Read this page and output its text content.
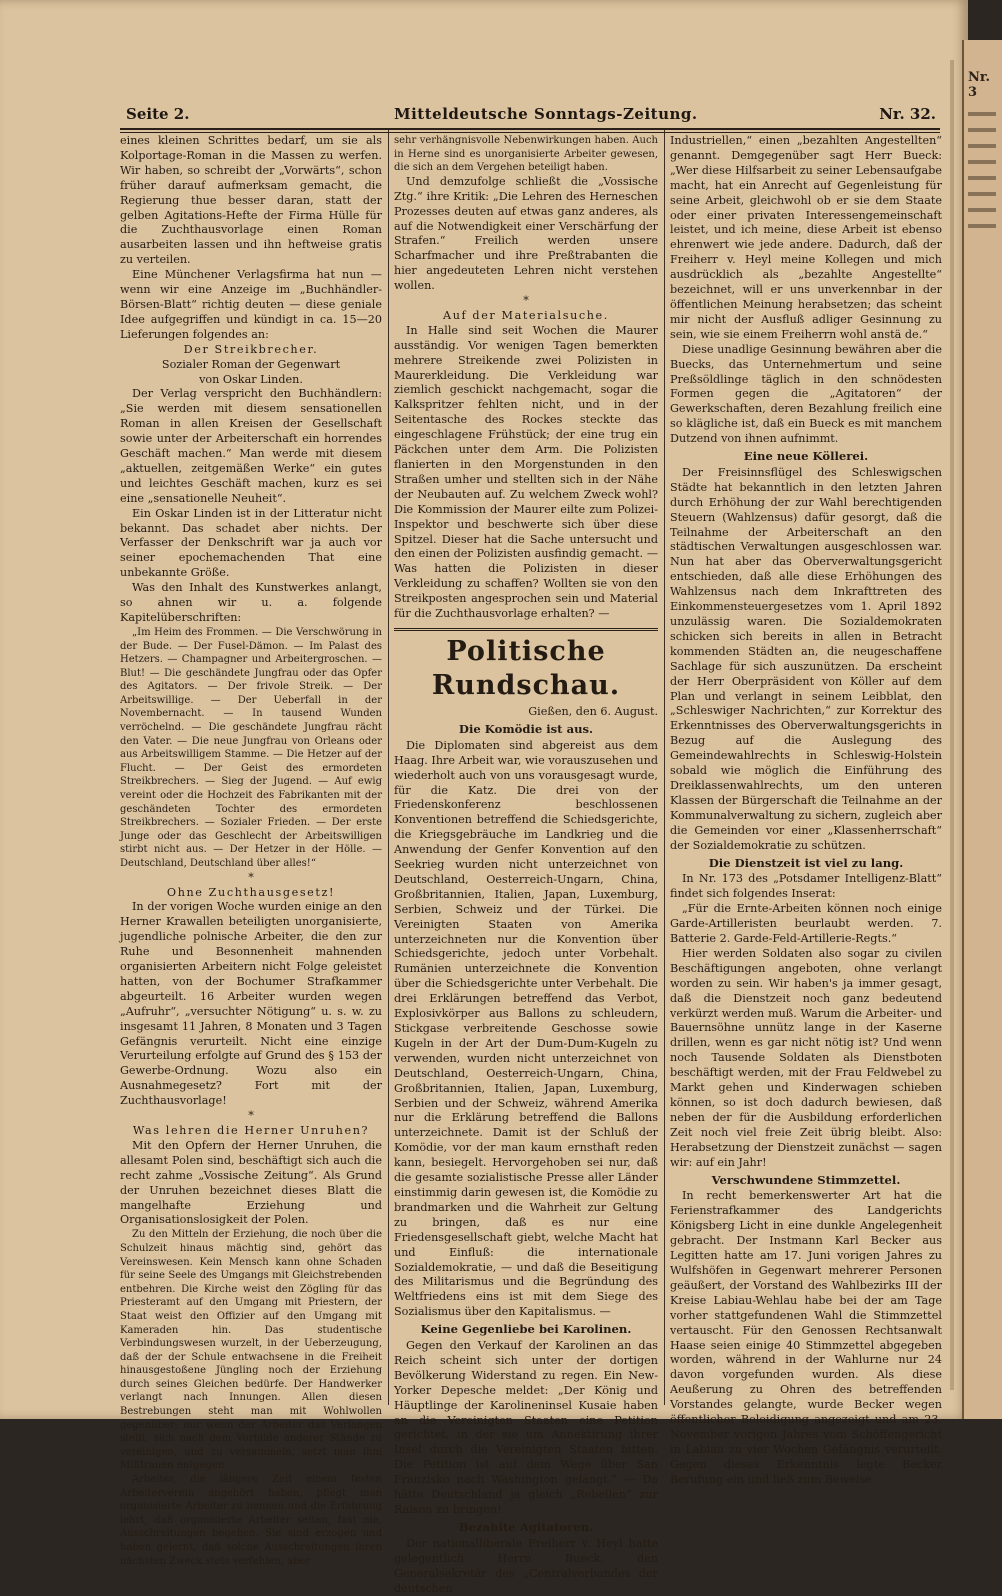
Seite 2.	Mitteldeutsche Sonntags-Zeitung.	Nr. 32.

eines kleinen Schrittes bedarf, um sie als Kolportage-Roman in die Massen zu werfen. Wir haben, so schreibt der „Vorwärts“, schon früher darauf aufmerksam gemacht, die Regierung thue besser daran, statt der gelben Agitations-Hefte der Firma Hülle für die Zuchthausvorlage einen Roman ausarbeiten lassen und ihn heftweise gratis zu verteilen.

Eine Münchener Verlagsfirma hat nun — wenn wir eine Anzeige im „Buchhändler-Börsen-Blatt“ richtig deuten — diese geniale Idee aufgegriffen und kündigt in ca. 15—20 Lieferungen folgendes an:

Der Streikbrecher.

Sozialer Roman der Gegenwart

von Oskar Linden.

Der Verlag verspricht den Buchhändlern: „Sie werden mit diesem sensationellen Roman in allen Kreisen der Gesellschaft sowie unter der Arbeiterschaft ein horrendes Geschäft machen.“ Man werde mit diesem „aktuellen, zeitgemäßen Werke“ ein gutes und leichtes Geschäft machen, kurz es sei eine „sensationelle Neuheit“.

Ein Oskar Linden ist in der Litteratur nicht bekannt. Das schadet aber nichts. Der Verfasser der Denkschrift war ja auch vor seiner epochemachenden That eine unbekannte Größe.

Was den Inhalt des Kunstwerkes anlangt, so ahnen wir u. a. folgende Kapitelüberschriften:

„Im Heim des Frommen. — Die Verschwörung in der Bude. — Der Fusel-Dämon. — Im Palast des Hetzers. — Champagner und Arbeitergroschen. — Blut! — Die geschändete Jungfrau oder das Opfer des Agitators. — Der frivole Streik. — Der Arbeitswillige. — Der Ueberfall in der Novembernacht. — In tausend Wunden verröchelnd. — Die geschändete Jungfrau rächt den Vater. — Die neue Jungfrau von Orleans oder aus Arbeitswilligem Stamme. — Die Hetzer auf der Flucht. — Der Geist des ermordeten Streikbrechers. — Sieg der Jugend. — Auf ewig vereint oder die Hochzeit des Fabrikanten mit der geschändeten Tochter des ermordeten Streikbrechers. — Sozialer Frieden. — Der erste Junge oder das Geschlecht der Arbeitswilligen stirbt nicht aus. — Der Hetzer in der Hölle. — Deutschland, Deutschland über alles!“

*

Ohne Zuchthausgesetz!

In der vorigen Woche wurden einige an den Herner Krawallen beteiligten unorganisierte, jugendliche polnische Arbeiter, die den zur Ruhe und Besonnenheit mahnenden organisierten Arbeitern nicht Folge geleistet hatten, von der Bochumer Strafkammer abgeurteilt. 16 Arbeiter wurden wegen „Aufruhr“, „versuchter Nötigung“ u. s. w. zu insgesamt 11 Jahren, 8 Monaten und 3 Tagen Gefängnis verurteilt. Nicht eine einzige Verurteilung erfolgte auf Grund des § 153 der Gewerbe-Ordnung. Wozu also ein Ausnahmegesetz? Fort mit der Zuchthausvorlage!

*

Was lehren die Herner Unruhen?

Mit den Opfern der Herner Unruhen, die allesamt Polen sind, beschäftigt sich auch die recht zahme „Vossische Zeitung“. Als Grund der Unruhen bezeichnet dieses Blatt die mangelhafte Erziehung und Organisationslosigkeit der Polen.

Zu den Mitteln der Erziehung, die noch über die Schulzeit hinaus mächtig sind, gehört das Vereinswesen. Kein Mensch kann ohne Schaden für seine Seele des Umgangs mit Gleichstrebenden entbehren. Die Kirche weist den Zögling für das Priesteramt auf den Umgang mit Priestern, der Staat weist den Offizier auf den Umgang mit Kameraden hin. Das studentische Verbindungswesen wurzelt, in der Ueberzeugung, daß der der Schule entwachsene in die Freiheit hinausgestoßene Jüngling noch der Erziehung durch seines Gleichen bedürfe. Der Handwerker verlangt nach Innungen. Allen diesen Bestrebungen steht man mit Wohlwollen gegenüber; nur wenn der Arbeiter das Verlangen stellt, sich nach dem Vorbilde anderer Stände zu vereinigen, und zu versammeln, setzt man ihm Mißtrauen entgegen.

Arbeiter, die längere Zeit einem festen Arbeiterverein angehört haben, pflegt man organisierte Arbeiter zu nennen und die Erfahrung lehrt, daß organisierte Arbeiter selten, fast nie, Ausschreitungen begehen. Sie sind erzogen und haben gelernt, daß solche Ausschreitungen ihren nächsten Zweck stets verfehlen, aber

sehr verhängnisvolle Nebenwirkungen haben. Auch in Herne sind es unorganisierte Arbeiter gewesen, die sich an dem Vergehen beteiligt haben.

Und demzufolge schließt die „Vossische Ztg.“ ihre Kritik: „Die Lehren des Herneschen Prozesses deuten auf etwas ganz anderes, als auf die Notwendigkeit einer Verschärfung der Strafen.“ Freilich werden unsere Scharfmacher und ihre Preßtrabanten die hier angedeuteten Lehren nicht verstehen wollen.

*

Auf der Materialsuche.

In Halle sind seit Wochen die Maurer ausständig. Vor wenigen Tagen bemerkten mehrere Streikende zwei Polizisten in Maurerkleidung. Die Verkleidung war ziemlich geschickt nachgemacht, sogar die Kalkspritzer fehlten nicht, und in der Seitentasche des Rockes steckte das eingeschlagene Frühstück; der eine trug ein Päckchen unter dem Arm. Die Polizisten flanierten in den Morgenstunden in den Straßen umher und stellten sich in der Nähe der Neubauten auf. Zu welchem Zweck wohl? Die Kommission der Maurer eilte zum Polizei-Inspektor und beschwerte sich über diese Spitzel. Dieser hat die Sache untersucht und den einen der Polizisten ausfindig gemacht. — Was hatten die Polizisten in dieser Verkleidung zu schaffen? Wollten sie von den Streikposten angesprochen sein und Material für die Zuchthausvorlage erhalten? —

Politische Rundschau.

Gießen, den 6. August.

Die Komödie ist aus.

Die Diplomaten sind abgereist aus dem Haag. Ihre Arbeit war, wie vorauszusehen und wiederholt auch von uns vorausgesagt wurde, für die Katz. Die drei von der Friedenskonferenz beschlossenen Konventionen betreffend die Schiedsgerichte, die Kriegsgebräuche im Landkrieg und die Anwendung der Genfer Konvention auf den Seekrieg wurden nicht unterzeichnet von Deutschland, Oesterreich-Ungarn, China, Großbritannien, Italien, Japan, Luxemburg, Serbien, Schweiz und der Türkei. Die Vereinigten Staaten von Amerika unterzeichneten nur die Konvention über Schiedsgerichte, jedoch unter Vorbehalt. Rumänien unterzeichnete die Konvention über die Schiedsgerichte unter Verbehalt. Die drei Erklärungen betreffend das Verbot, Explosivkörper aus Ballons zu schleudern, Stickgase verbreitende Geschosse sowie Kugeln in der Art der Dum-Dum-Kugeln zu verwenden, wurden nicht unterzeichnet von Deutschland, Oesterreich-Ungarn, China, Großbritannien, Italien, Japan, Luxemburg, Serbien und der Schweiz, während Amerika nur die Erklärung betreffend die Ballons unterzeichnete. Damit ist der Schluß der Komödie, vor der man kaum ernsthaft reden kann, besiegelt. Hervorgehoben sei nur, daß die gesamte sozialistische Presse aller Länder einstimmig darin gewesen ist, die Komödie zu brandmarken und die Wahrheit zur Geltung zu bringen, daß es nur eine Friedensgesellschaft giebt, welche Macht hat und Einfluß: die internationale Sozialdemokratie, — und daß die Beseitigung des Militarismus und die Begründung des Weltfriedens eins ist mit dem Siege des Sozialismus über den Kapitalismus. —

Keine Gegenliebe bei Karolinen.

Gegen den Verkauf der Karolinen an das Reich scheint sich unter der dortigen Bevölkerung Widerstand zu regen. Ein New-Yorker Depesche meldet: „Der König und Häuptlinge der Karolineninsel Kusaie haben an die Vereinigten Staaten eine Petition gerichtet, in der sie um Annektirung ihrer Insel durch die Vereinigten Staaten bitten. Die Petition ist auf dem Wege über San Franzisko nach Washington gelangt.“ — Da hätte Deutschland ja gleich „Rebellen“ zur Raison zu bringen!

Bezahlte Agitatoren.

Der nationalliberale Freiherr v. Heyl hatte gelegentlich Herrn Bueck, den Generalsekretär des „Centralverbandes der deutschen

Industriellen,“ einen „bezahlten Angestellten“ genannt. Demgegenüber sagt Herr Bueck: „Wer diese Hilfsarbeit zu seiner Lebensaufgabe macht, hat ein Anrecht auf Gegenleistung für seine Arbeit, gleichwohl ob er sie dem Staate oder einer privaten Interessengemeinschaft leistet, und ich meine, diese Arbeit ist ebenso ehrenwert wie jede andere. Dadurch, daß der Freiherr v. Heyl meine Kollegen und mich ausdrücklich als „bezahlte Angestellte“ bezeichnet, will er uns unverkennbar in der öffentlichen Meinung herabsetzen; das scheint mir nicht der Ausfluß adliger Gesinnung zu sein, wie sie einem Freiherrn wohl anstä de.“

Diese unadlige Gesinnung bewähren aber die Buecks, das Unternehmertum und seine Preßsöldlinge täglich in den schnödesten Formen gegen die „Agitatoren“ der Gewerkschaften, deren Bezahlung freilich eine so klägliche ist, daß ein Bueck es mit manchem Dutzend von ihnen aufnimmt.

Eine neue Köllerei.

Der Freisinnsflügel des Schleswigschen Städte hat bekanntlich in den letzten Jahren durch Erhöhung der zur Wahl berechtigenden Steuern (Wahlzensus) dafür gesorgt, daß die Teilnahme der Arbeiterschaft an den städtischen Verwaltungen ausgeschlossen war. Nun hat aber das Oberverwaltungsgericht entschieden, daß alle diese Erhöhungen des Wahlzensus nach dem Inkrafttreten des Einkommensteuergesetzes vom 1. April 1892 unzulässig waren. Die Sozialdemokraten schicken sich bereits in allen in Betracht kommenden Städten an, die neugeschaffene Sachlage für sich auszunützen. Da erscheint der Herr Oberpräsident von Köller auf dem Plan und verlangt in seinem Leibblat, den „Schleswiger Nachrichten,“ zur Korrektur des Erkenntnisses des Oberverwaltungsgerichts in Bezug auf die Auslegung des Gemeindewahlrechts in Schleswig-Holstein sobald wie möglich die Einführung des Dreiklassenwahlrechts, um den unteren Klassen der Bürgerschaft die Teilnahme an der Kommunalverwaltung zu sichern, zugleich aber die Gemeinden vor einer „Klassenherrschaft“ der Sozialdemokratie zu schützen.

Die Dienstzeit ist viel zu lang.

In Nr. 173 des „Potsdamer Intelligenz-Blatt“ findet sich folgendes Inserat:

„Für die Ernte-Arbeiten können noch einige Garde-Artilleristen beurlaubt werden. 7. Batterie 2. Garde-Feld-Artillerie-Regts.“

Hier werden Soldaten also sogar zu civilen Beschäftigungen angeboten, ohne verlangt worden zu sein. Wir haben's ja immer gesagt, daß die Dienstzeit noch ganz bedeutend verkürzt werden muß. Warum die Arbeiter- und Bauernsöhne unnütz lange in der Kaserne drillen, wenn es gar nicht nötig ist? Und wenn noch Tausende Soldaten als Dienstboten beschäftigt werden, mit der Frau Feldwebel zu Markt gehen und Kinderwagen schieben können, so ist doch dadurch bewiesen, daß neben der für die Ausbildung erforderlichen Zeit noch viel freie Zeit übrig bleibt. Also: Herabsetzung der Dienstzeit zunächst — sagen wir: auf ein Jahr!

Verschwundene Stimmzettel.

In recht bemerkenswerter Art hat die Ferienstrafkammer des Landgerichts Königsberg Licht in eine dunkle Angelegenheit gebracht. Der Instmann Karl Becker aus Legitten hatte am 17. Juni vorigen Jahres zu Wulfshöfen in Gegenwart mehrerer Personen geäußert, der Vorstand des Wahlbezirks III der Kreise Labiau-Wehlau habe bei der am Tage vorher stattgefundenen Wahl die Stimmzettel vertauscht. Für den Genossen Rechtsanwalt Haase seien einige 40 Stimmzettel abgegeben worden, während in der Wahlurne nur 24 davon vorgefunden wurden. Als diese Aeußerung zu Ohren des betreffenden Vorstandes gelangte, wurde Becker wegen öffentlicher Beleidigung angezeigt und am 23. November vorigen Jahres vom Schöffengericht in Labiau zu vier Wochen Gefängnis verurteilt. Gegen dieses Erkenntnis legte Becker Berufung ein und ließ zum Beweise

Nr. 3
